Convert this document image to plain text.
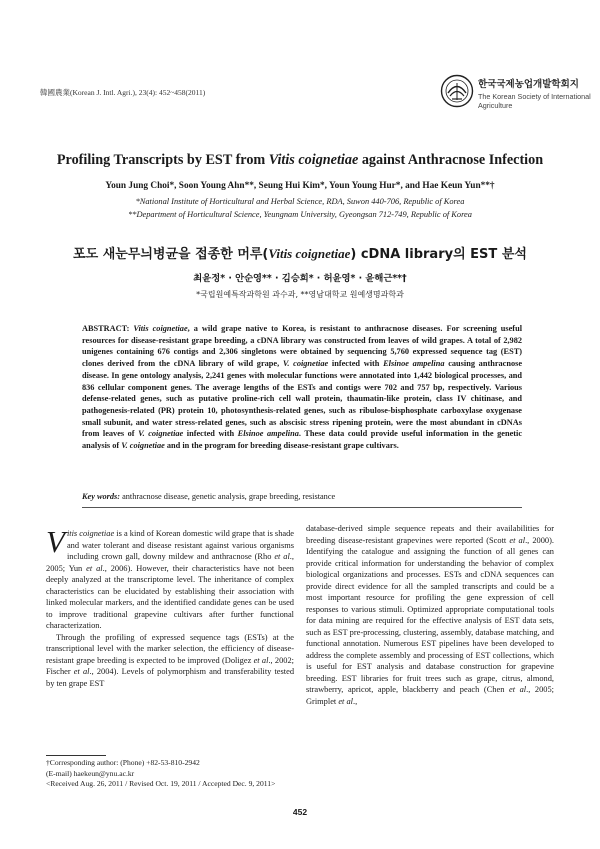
韓國農業(Korean J. Intl. Agri.), 23(4): 452~458(2011)
한국국제농업개발학회지
The Korean Society of International
Agriculture
Profiling Transcripts by EST from Vitis coignetiae against Anthracnose Infection
Youn Jung Choi*, Soon Young Ahn**, Seung Hui Kim*, Youn Young Hur*, and Hae Keun Yun**†
*National Institute of Horticultural and Herbal Science, RDA, Suwon 440-706, Republic of Korea
**Department of Horticultural Science, Yeungnam University, Gyeongsan 712-749, Republic of Korea
포도 새눈무늬병균을 접종한 머루(Vitis coignetiae) cDNA library의 EST 분석
최윤정* · 안순영** · 김승희* · 허윤영* · 윤해근**†
*국립원예특작과학원 과수과, **영남대학교 원예생명과학과
ABSTRACT: Vitis coignetiae, a wild grape native to Korea, is resistant to anthracnose diseases. For screening useful resources for disease-resistant grape breeding, a cDNA library was constructed from leaves of wild grapes. A total of 2,982 unigenes containing 676 contigs and 2,306 singletons were obtained by sequencing 5,760 expressed sequence tag (EST) clones derived from the cDNA library of wild grape, V. coignetiae infected with Elsinoe ampelina causing anthracnose disease. In gene ontology analysis, 2,241 genes with molecular functions were annotated into 1,442 biological processes, and 836 cellular component genes. The average lengths of the ESTs and contigs were 702 and 757 bp, respectively. Various defense-related genes, such as putative proline-rich cell wall protein, thaumatin-like protein, class IV chitinase, and pathogenesis-related (PR) protein 10, photosynthesis-related genes, such as ribulose-bisphosphate carboxylase oxygenase small subunit, and water stress-related genes, such as abscisic stress ripening protein, were the most abundant in cDNAs from leaves of V. coignetiae infected with Elsinoe ampelina. These data could provide useful information in the genetic analysis of V. coignetiae and in the program for breeding disease-resistant grape cultivars.
Key words: anthracnose disease, genetic analysis, grape breeding, resistance

Vitis coignetiae is a kind of Korean domestic wild grape that is shade and water tolerant and disease resistant against various organisms including crown gall, downy mildew and anthracnose (Rho et al., 2005; Yun et al., 2006). However, their characteristics have not been deeply analyzed at the transcriptome level. The inheritance of complex characteristics can be elucidated by establishing their association with linked molecular markers, and the identified candidate genes can be used to improve traditional grapevine cultivars after further functional characterization.

Through the profiling of expressed sequence tags (ESTs) at the transcriptional level with the marker selection, the efficiency of disease-resistant grape breeding is expected to be improved (Doligez et al., 2002; Fischer et al., 2004). Levels of polymorphism and transferability tested by ten grape EST

database-derived simple sequence repeats and their availabilities for breeding disease-resistant grapevines were reported (Scott et al., 2000). Identifying the catalogue and assigning the function of all genes can provide critical information for understanding the behavior of complex biological organizations and processes. ESTs and cDNA sequences can provide direct evidence for all the sampled transcripts and could be a most important resource for profiling the gene expression of cell responses to various stimuli. Optimized appropriate computational tools for data mining are required for the effective analysis of EST data sets, such as EST pre-processing, clustering, assembly, database matching, and functional annotation. Numerous EST pipelines have been developed to address the complete assembly and processing of EST collections, which is useful for EST analysis and database construction for grapevine breeding. EST libraries for fruit trees such as grape, citrus, almond, strawberry, apricot, apple, blackberry and peach (Chen et al., 2005; Grimplet et al.,

†Corresponding author: (Phone) +82-53-810-2942
(E-mail) haekeun@ynu.ac.kr
<Received Aug. 26, 2011 / Revised Oct. 19, 2011 / Accepted Dec. 9, 2011>
452
